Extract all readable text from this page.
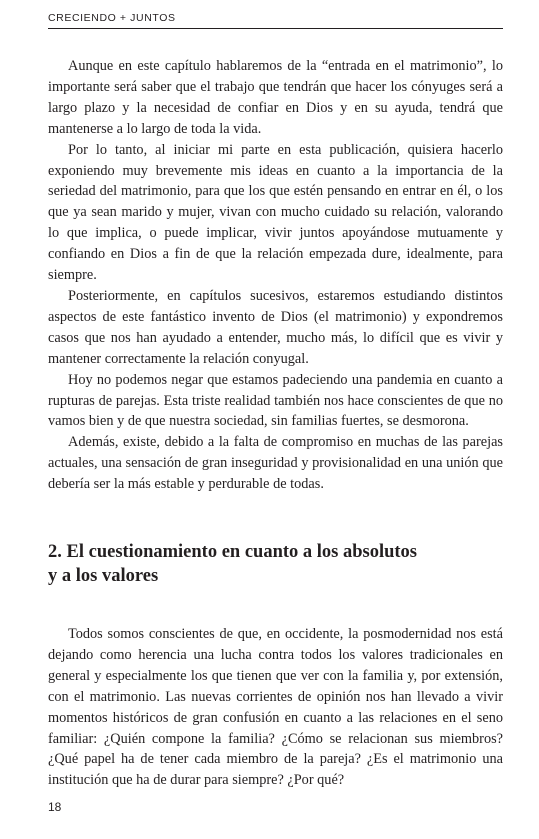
CRECIENDO + JUNTOS

Aunque en este capítulo hablaremos de la “entrada en el matrimonio”, lo importante será saber que el trabajo que tendrán que hacer los cónyuges será a largo plazo y la necesidad de confiar en Dios y en su ayuda, tendrá que mantenerse a lo largo de toda la vida.

Por lo tanto, al iniciar mi parte en esta publicación, quisiera hacerlo exponiendo muy brevemente mis ideas en cuanto a la importancia de la seriedad del matrimonio, para que los que estén pensando en entrar en él, o los que ya sean marido y mujer, vivan con mucho cuidado su relación, valorando lo que implica, o puede implicar, vivir juntos apoyándose mutuamente y confiando en Dios a fin de que la relación empezada dure, idealmente, para siempre.

Posteriormente, en capítulos sucesivos, estaremos estudiando distintos aspectos de este fantástico invento de Dios (el matrimonio) y expondremos casos que nos han ayudado a entender, mucho más, lo difícil que es vivir y mantener correctamente la relación conyugal.

Hoy no podemos negar que estamos padeciendo una pandemia en cuanto a rupturas de parejas. Esta triste realidad también nos hace conscientes de que no vamos bien y de que nuestra sociedad, sin familias fuertes, se desmorona.

Además, existe, debido a la falta de compromiso en muchas de las parejas actuales, una sensación de gran inseguridad y provisionalidad en una unión que debería ser la más estable y perdurable de todas.

2. El cuestionamiento en cuanto a los absolutos
y a los valores

Todos somos conscientes de que, en occidente, la posmodernidad nos está dejando como herencia una lucha contra todos los valores tradicionales en general y especialmente los que tienen que ver con la familia y, por extensión, con el matrimonio. Las nuevas corrientes de opinión nos han llevado a vivir momentos históricos de gran confusión en cuanto a las relaciones en el seno familiar: ¿Quién compone la familia? ¿Cómo se relacionan sus miembros? ¿Qué papel ha de tener cada miembro de la pareja? ¿Es el matrimonio una institución que ha de durar para siempre? ¿Por qué?

18
